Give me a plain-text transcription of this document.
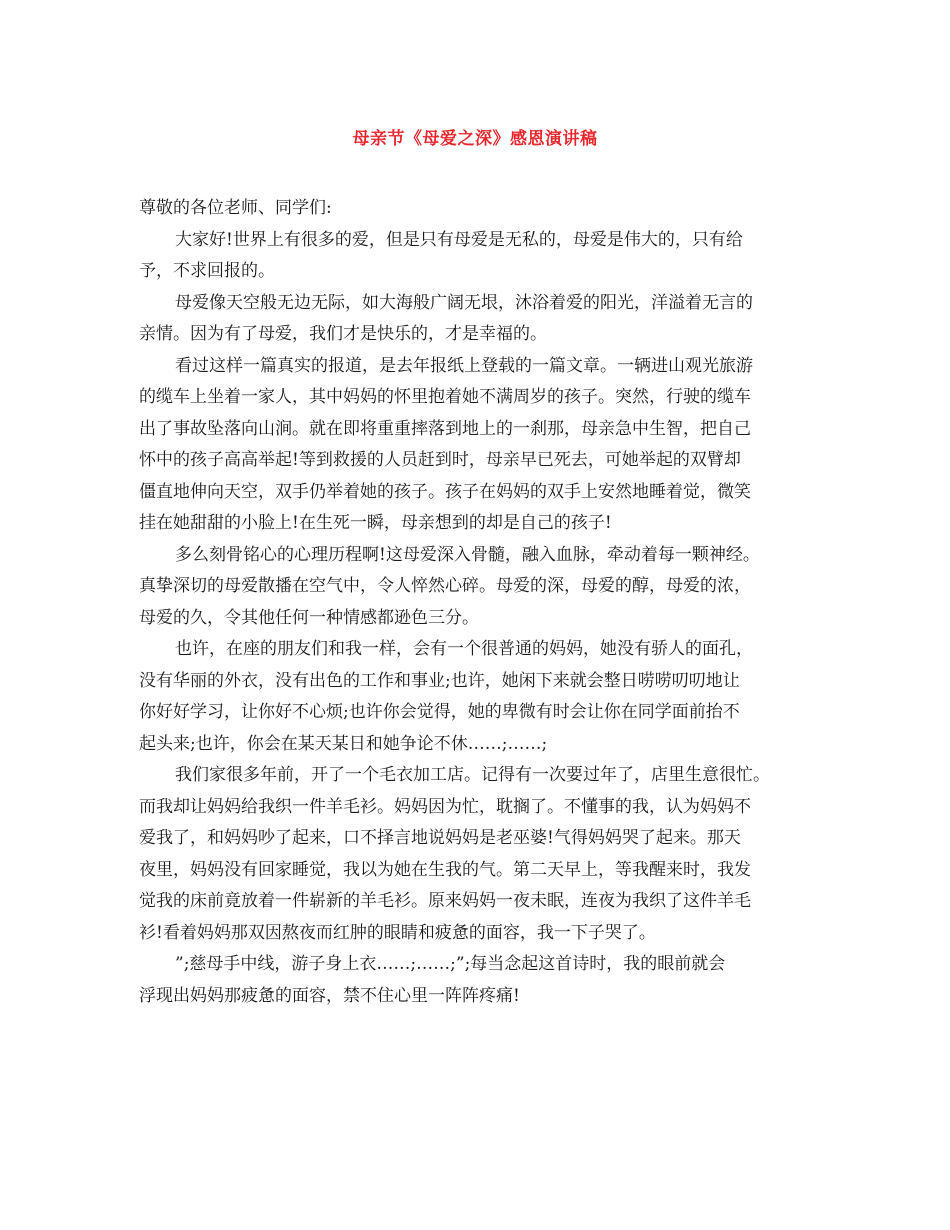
母亲节《母爱之深》感恩演讲稿

尊敬的各位老师、同学们:

大家好!世界上有很多的爱，但是只有母爱是无私的，母爱是伟大的，只有给
予，不求回报的。

母爱像天空般无边无际，如大海般广阔无垠，沐浴着爱的阳光，洋溢着无言的
亲情。因为有了母爱，我们才是快乐的，才是幸福的。

看过这样一篇真实的报道，是去年报纸上登载的一篇文章。一辆进山观光旅游
的缆车上坐着一家人，其中妈妈的怀里抱着她不满周岁的孩子。突然，行驶的缆车
出了事故坠落向山涧。就在即将重重摔落到地上的一刹那，母亲急中生智，把自己
怀中的孩子高高举起!等到救援的人员赶到时，母亲早已死去，可她举起的双臂却
僵直地伸向天空，双手仍举着她的孩子。孩子在妈妈的双手上安然地睡着觉，微笑
挂在她甜甜的小脸上!在生死一瞬，母亲想到的却是自己的孩子!

多么刻骨铭心的心理历程啊!这母爱深入骨髓，融入血脉，牵动着每一颗神经。
真挚深切的母爱散播在空气中，令人悴然心碎。母爱的深，母爱的醇，母爱的浓，
母爱的久，令其他任何一种情感都逊色三分。

也许，在座的朋友们和我一样，会有一个很普通的妈妈，她没有骄人的面孔，
没有华丽的外衣，没有出色的工作和事业;也许，她闲下来就会整日唠唠叨叨地让
你好好学习，让你好不心烦;也许你会觉得，她的卑微有时会让你在同学面前抬不
起头来;也许，你会在某天某日和她争论不休……;……;

我们家很多年前，开了一个毛衣加工店。记得有一次要过年了，店里生意很忙。
而我却让妈妈给我织一件羊毛衫。妈妈因为忙，耽搁了。不懂事的我，认为妈妈不
爱我了，和妈妈吵了起来，口不择言地说妈妈是老巫婆!气得妈妈哭了起来。那天
夜里，妈妈没有回家睡觉，我以为她在生我的气。第二天早上，等我醒来时，我发
觉我的床前竟放着一件崭新的羊毛衫。原来妈妈一夜未眠，连夜为我织了这件羊毛
衫!看着妈妈那双因熬夜而红肿的眼睛和疲惫的面容，我一下子哭了。

”;慈母手中线，游子身上衣……;……;”;每当念起这首诗时，我的眼前就会
浮现出妈妈那疲惫的面容，禁不住心里一阵阵疼痛!
